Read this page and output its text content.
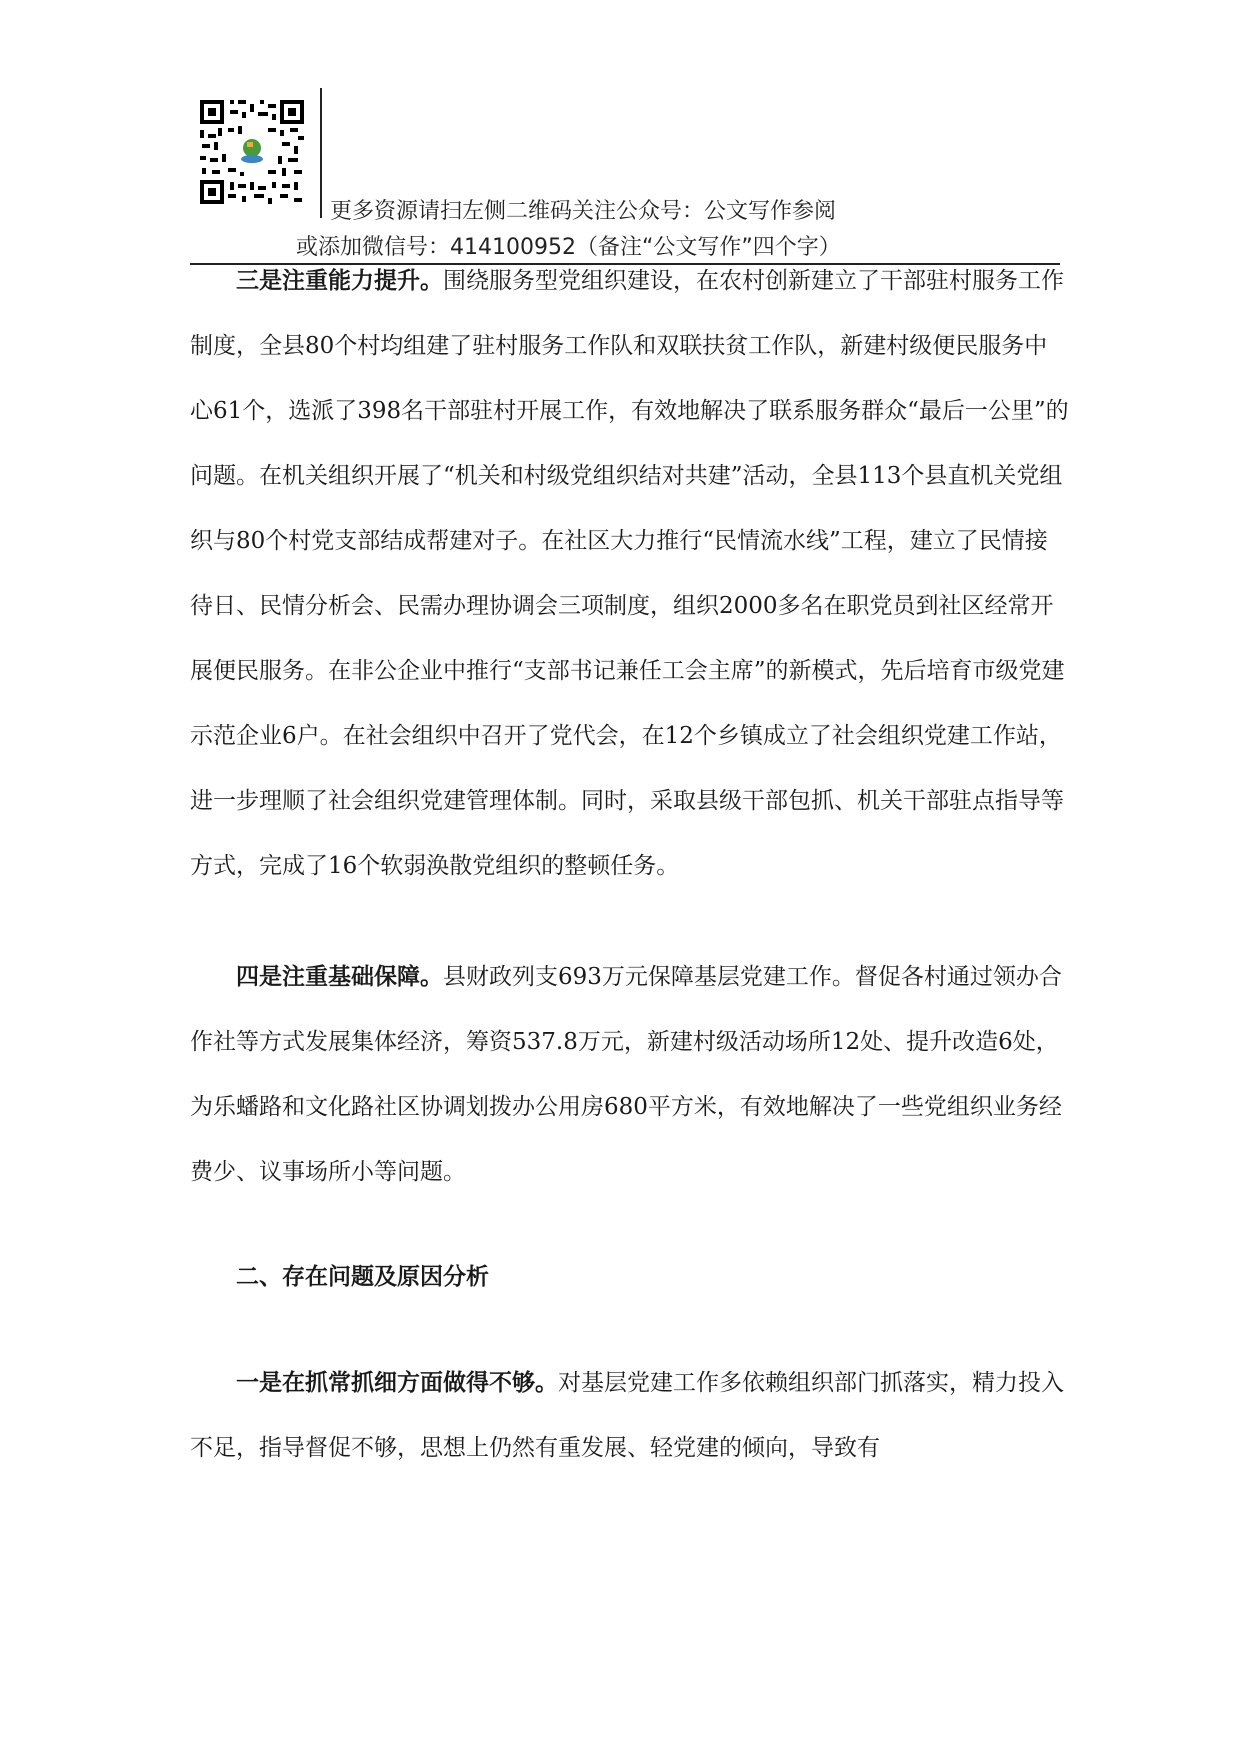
更多资源请扫左侧二维码关注公众号：公文写作参阅
或添加微信号：414100952（备注“公文写作”四个字）

三是注重能力提升。围绕服务型党组织建设，在农村创新建立了干部驻村服务工作制度，全县80个村均组建了驻村服务工作队和双联扶贫工作队，新建村级便民服务中心61个，选派了398名干部驻村开展工作，有效地解决了联系服务群众“最后一公里”的问题。在机关组织开展了“机关和村级党组织结对共建”活动，全县113个县直机关党组织与80个村党支部结成帮建对子。在社区大力推行“民情流水线”工程，建立了民情接待日、民情分析会、民需办理协调会三项制度，组织2000多名在职党员到社区经常开展便民服务。在非公企业中推行“支部书记兼任工会主席”的新模式，先后培育市级党建示范企业6户。在社会组织中召开了党代会，在12个乡镇成立了社会组织党建工作站，进一步理顺了社会组织党建管理体制。同时，采取县级干部包抓、机关干部驻点指导等方式，完成了16个软弱涣散党组织的整顿任务。

四是注重基础保障。县财政列支693万元保障基层党建工作。督促各村通过领办合作社等方式发展集体经济，筹资537.8万元，新建村级活动场所12处、提升改造6处，为乐蟠路和文化路社区协调划拨办公用房680平方米，有效地解决了一些党组织业务经费少、议事场所小等问题。

二、存在问题及原因分析

一是在抓常抓细方面做得不够。对基层党建工作多依赖组织部门抓落实，精力投入不足，指导督促不够，思想上仍然有重发展、轻党建的倾向，导致有
